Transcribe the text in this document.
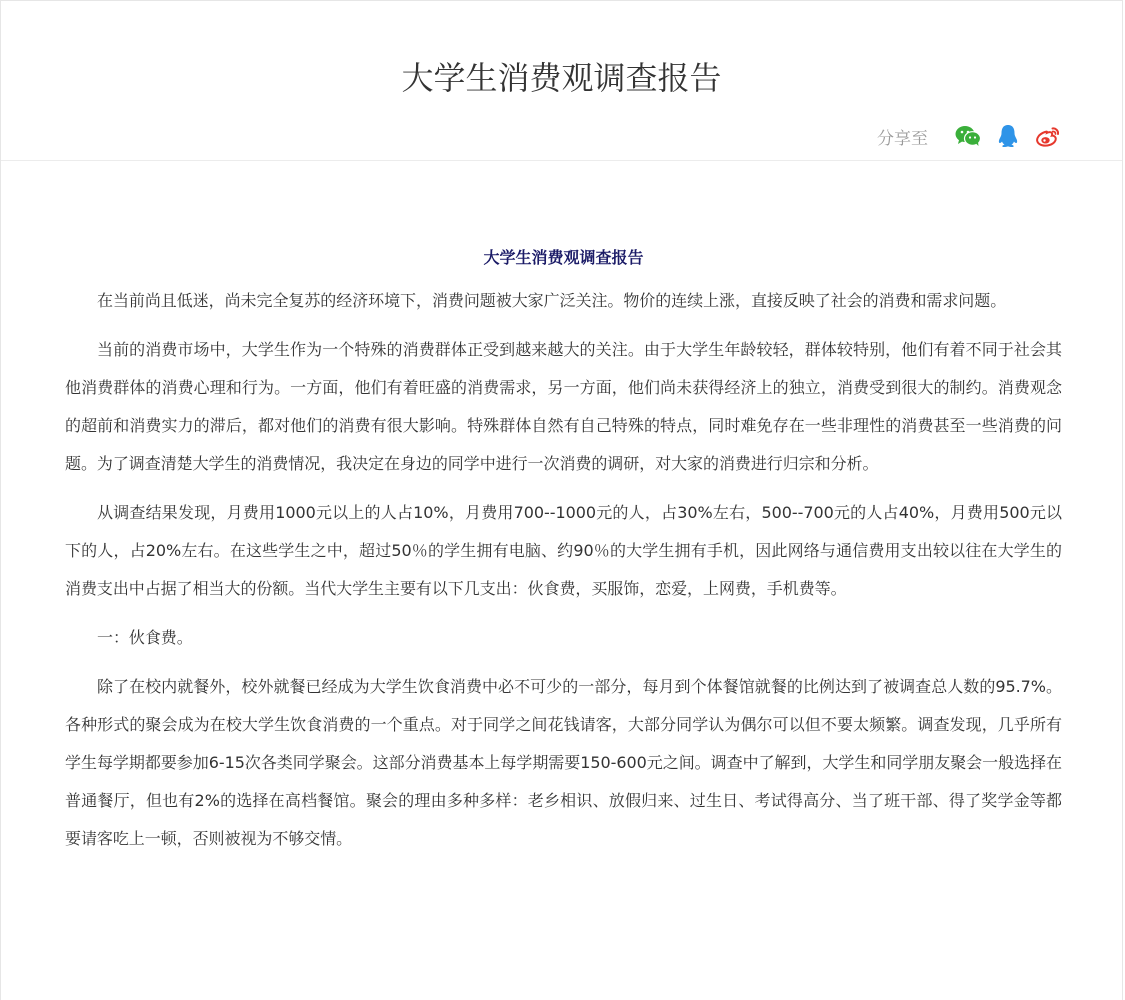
大学生消费观调查报告
分享至
大学生消费观调查报告

在当前尚且低迷，尚未完全复苏的经济环境下，消费问题被大家广泛关注。物价的连续上涨，直接反映了社会的消费和需求问题。

当前的消费市场中，大学生作为一个特殊的消费群体正受到越来越大的关注。由于大学生年龄较轻，群体较特别，他们有着不同于社会其他消费群体的消费心理和行为。一方面，他们有着旺盛的消费需求，另一方面，他们尚未获得经济上的独立，消费受到很大的制约。消费观念的超前和消费实力的滞后，都对他们的消费有很大影响。特殊群体自然有自己特殊的特点，同时难免存在一些非理性的消费甚至一些消费的问题。为了调查清楚大学生的消费情况，我决定在身边的同学中进行一次消费的调研，对大家的消费进行归宗和分析。

从调查结果发现，月费用1000元以上的人占10%，月费用700--1000元的人，占30%左右，500--700元的人占40%，月费用500元以下的人，占20%左右。在这些学生之中，超过50％的学生拥有电脑、约90％的大学生拥有手机，因此网络与通信费用支出较以往在大学生的消费支出中占据了相当大的份额。当代大学生主要有以下几支出：伙食费，买服饰，恋爱，上网费，手机费等。

一：伙食费。

除了在校内就餐外，校外就餐已经成为大学生饮食消费中必不可少的一部分，每月到个体餐馆就餐的比例达到了被调查总人数的95.7%。各种形式的聚会成为在校大学生饮食消费的一个重点。对于同学之间花钱请客，大部分同学认为偶尔可以但不要太频繁。调查发现，几乎所有学生每学期都要参加6-15次各类同学聚会。这部分消费基本上每学期需要150-600元之间。调查中了解到，大学生和同学朋友聚会一般选择在普通餐厅，但也有2%的选择在高档餐馆。聚会的理由多种多样：老乡相识、放假归来、过生日、考试得高分、当了班干部、得了奖学金等都要请客吃上一顿，否则被视为不够交情。
